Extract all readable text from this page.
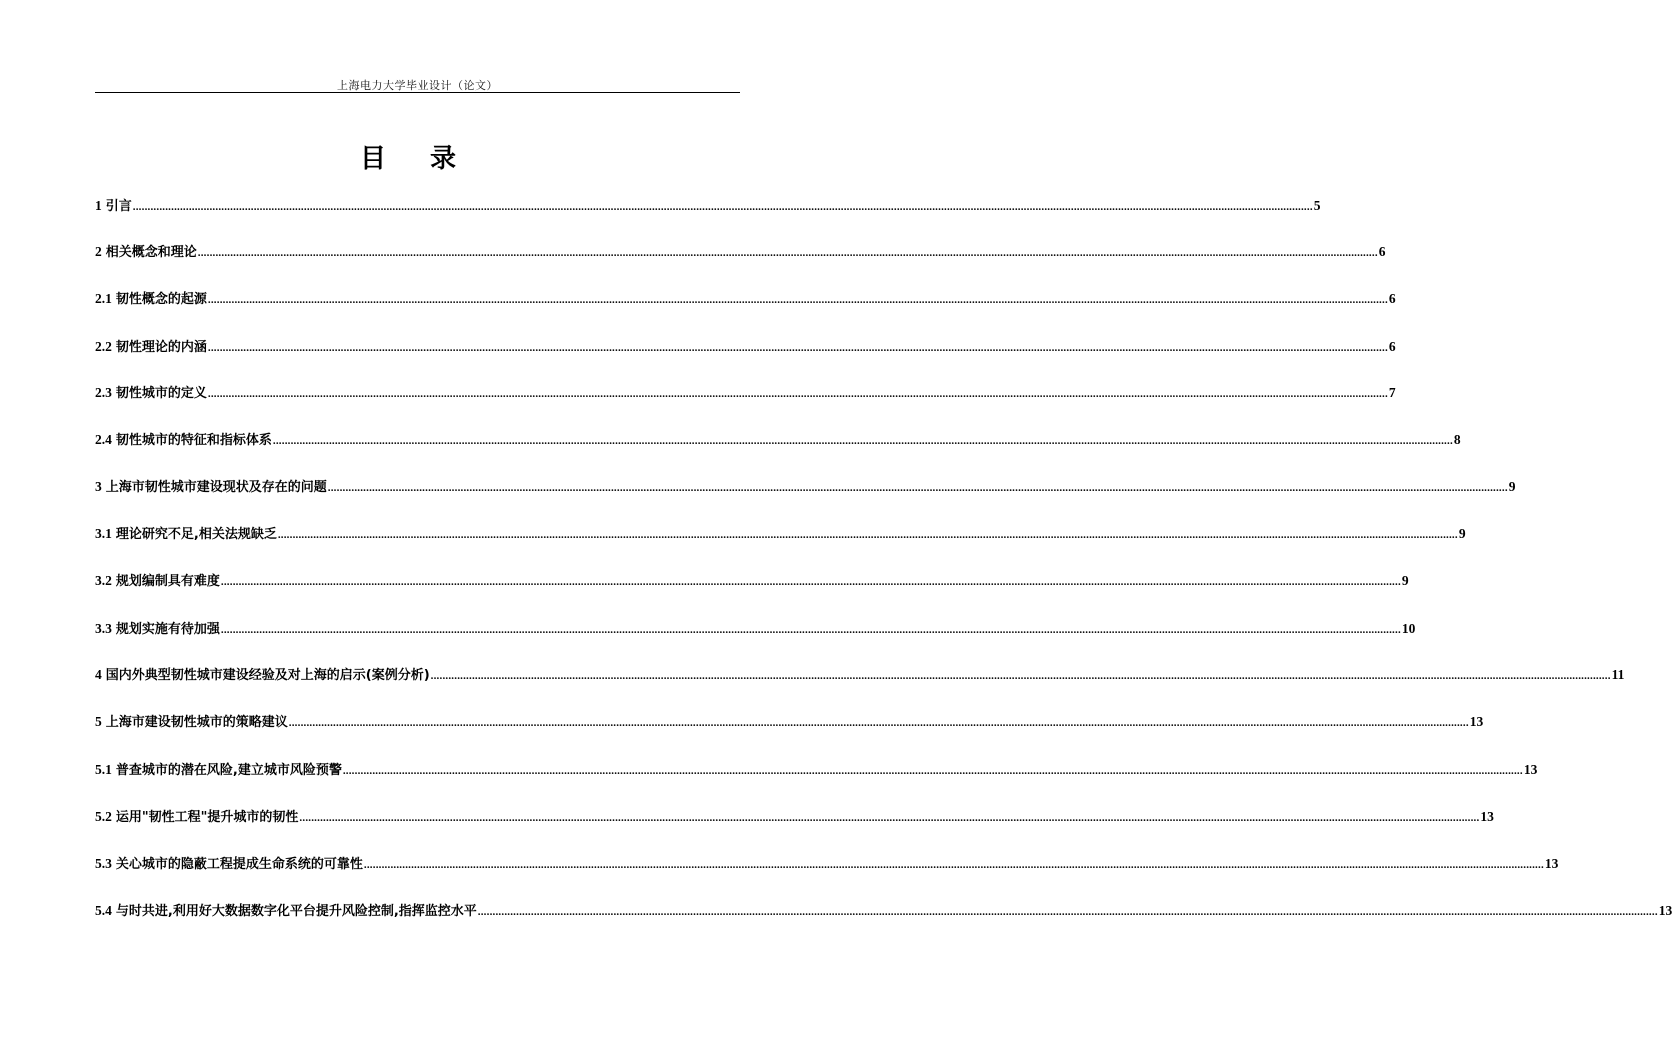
上海电力大学毕业设计（论文）
目 录
1 引言 ................................................................................................................................................................................................................................................................................................................................................................................................................ 5
2 相关概念和理论 ................................................................................................................................................................................................................................................................................................................................................................................................................ 6
2.1 韧性概念的起源 ................................................................................................................................................................................................................................................................................................................................................................................................................ 6
2.2 韧性理论的内涵 ................................................................................................................................................................................................................................................................................................................................................................................................................ 6
2.3 韧性城市的定义 ................................................................................................................................................................................................................................................................................................................................................................................................................ 7
2.4 韧性城市的特征和指标体系 ................................................................................................................................................................................................................................................................................................................................................................................................................ 8
3 上海市韧性城市建设现状及存在的问题 ................................................................................................................................................................................................................................................................................................................................................................................................................ 9
3.1 理论研究不足,相关法规缺乏 ................................................................................................................................................................................................................................................................................................................................................................................................................ 9
3.2 规划编制具有难度 ................................................................................................................................................................................................................................................................................................................................................................................................................ 9
3.3 规划实施有待加强 ................................................................................................................................................................................................................................................................................................................................................................................................................ 10
4 国内外典型韧性城市建设经验及对上海的启示(案例分析) ................................................................................................................................................................................................................................................................................................................................................................................................................ 11
5 上海市建设韧性城市的策略建议 ................................................................................................................................................................................................................................................................................................................................................................................................................ 13
5.1 普查城市的潜在风险,建立城市风险预警 ................................................................................................................................................................................................................................................................................................................................................................................................................ 13
5.2 运用"韧性工程"提升城市的韧性 ................................................................................................................................................................................................................................................................................................................................................................................................................ 13
5.3 关心城市的隐蔽工程提成生命系统的可靠性 ................................................................................................................................................................................................................................................................................................................................................................................................................ 13
5.4 与时共进,利用好大数据数字化平台提升风险控制,指挥监控水平 ................................................................................................................................................................................................................................................................................................................................................................................................................ 13
